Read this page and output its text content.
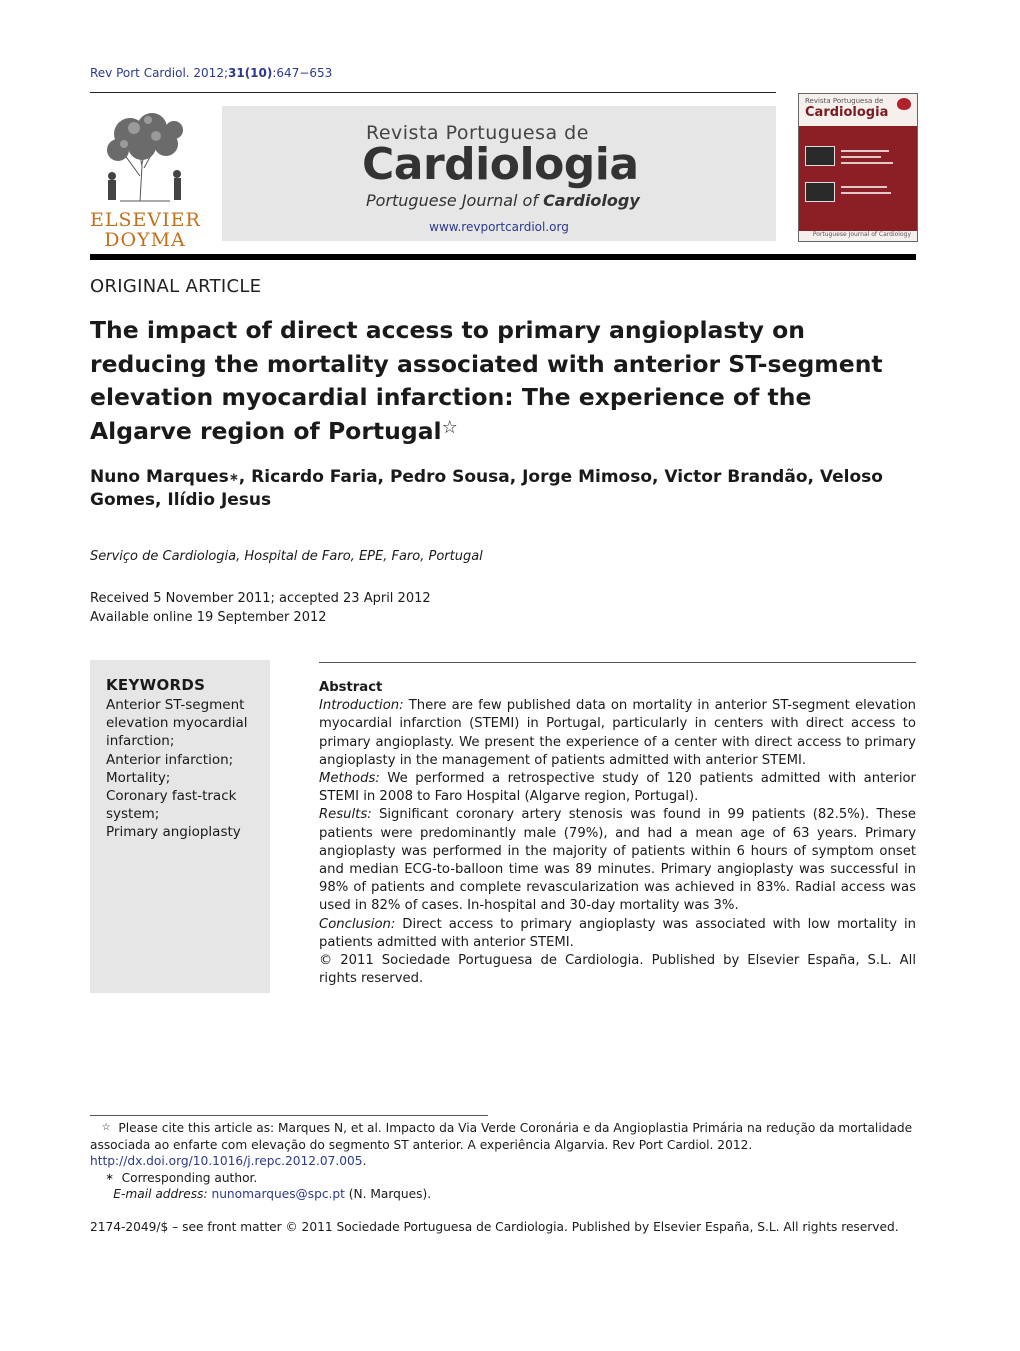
Rev Port Cardiol. 2012;31(10):647−653
ELSEVIER
DOYMA
Revista Portuguesa de
Cardiologia
Portuguese Journal of Cardiology
www.revportcardiol.org
Revista Portuguesa de
Cardiologia
Portuguese Journal of Cardiology
ORIGINAL ARTICLE
The impact of direct access to primary angioplasty on reducing the mortality associated with anterior ST-segment elevation myocardial infarction: The experience of the Algarve region of Portugal☆
Nuno Marques∗, Ricardo Faria, Pedro Sousa, Jorge Mimoso, Victor Brandão, Veloso Gomes, Ilídio Jesus
Serviço de Cardiologia, Hospital de Faro, EPE, Faro, Portugal
Received 5 November 2011; accepted 23 April 2012
Available online 19 September 2012
KEYWORDS
Anterior ST-segment elevation myocardial infarction;
Anterior infarction;
Mortality;
Coronary fast-track system;
Primary angioplasty
Abstract

Introduction: There are few published data on mortality in anterior ST-segment elevation myocardial infarction (STEMI) in Portugal, particularly in centers with direct access to primary angioplasty. We present the experience of a center with direct access to primary angioplasty in the management of patients admitted with anterior STEMI.

Methods: We performed a retrospective study of 120 patients admitted with anterior STEMI in 2008 to Faro Hospital (Algarve region, Portugal).

Results: Significant coronary artery stenosis was found in 99 patients (82.5%). These patients were predominantly male (79%), and had a mean age of 63 years. Primary angioplasty was performed in the majority of patients within 6 hours of symptom onset and median ECG-to-balloon time was 89 minutes. Primary angioplasty was successful in 98% of patients and complete revascularization was achieved in 83%. Radial access was used in 82% of cases. In-hospital and 30-day mortality was 3%.

Conclusion: Direct access to primary angioplasty was associated with low mortality in patients admitted with anterior STEMI.

© 2011 Sociedade Portuguesa de Cardiologia. Published by Elsevier España, S.L. All rights reserved.

☆ Please cite this article as: Marques N, et al. Impacto da Via Verde Coronária e da Angioplastia Primária na redução da mortalidade associada ao enfarte com elevação do segmento ST anterior. A experiência Algarvia. Rev Port Cardiol. 2012.
http://dx.doi.org/10.1016/j.repc.2012.07.005.

∗ Corresponding author.

E-mail address: nunomarques@spc.pt (N. Marques).

2174-2049/$ – see front matter © 2011 Sociedade Portuguesa de Cardiologia. Published by Elsevier España, S.L. All rights reserved.
